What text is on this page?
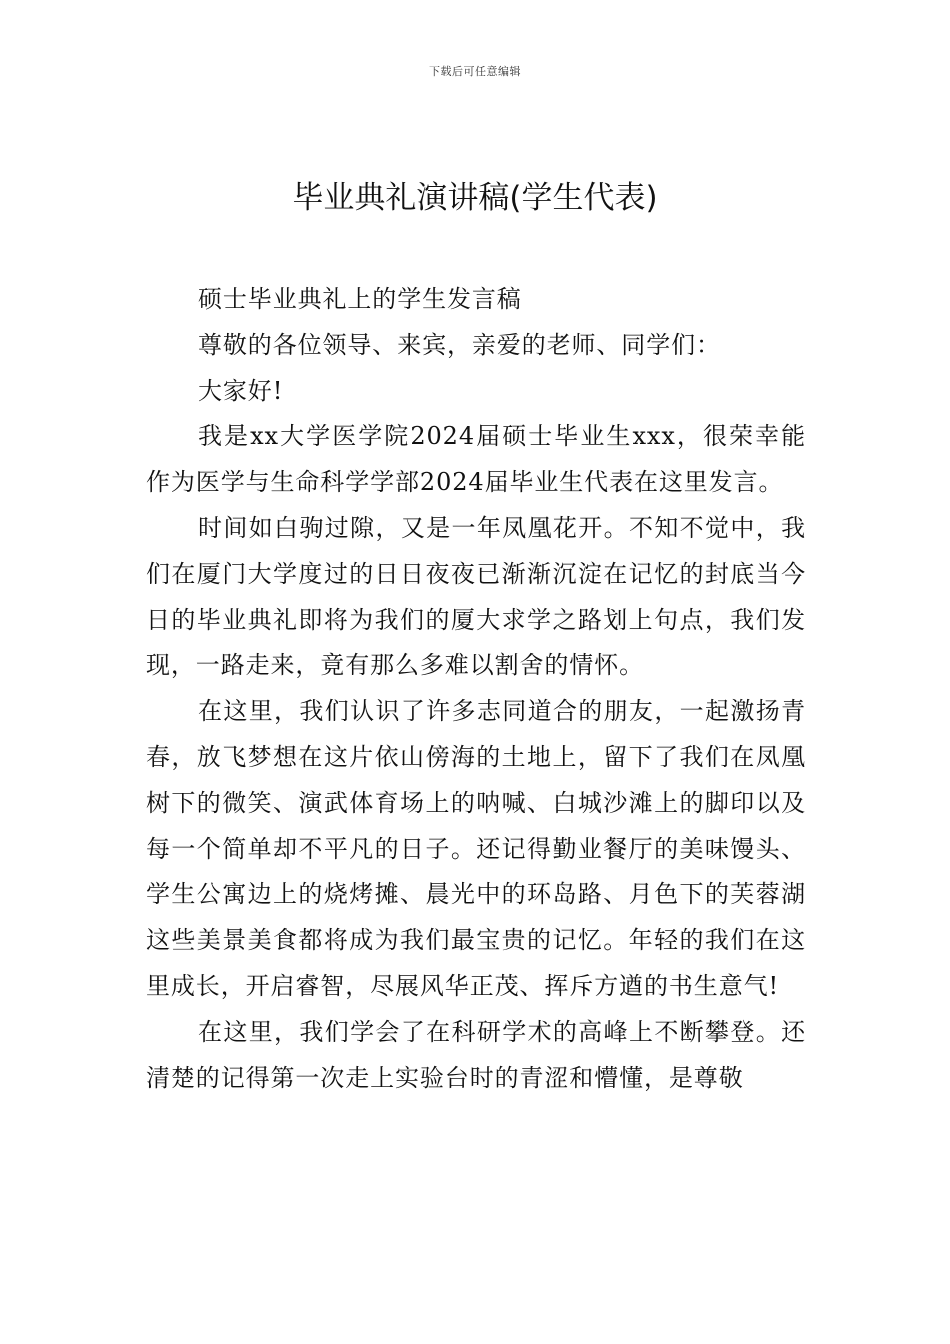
下载后可任意编辑
毕业典礼演讲稿(学生代表)

硕士毕业典礼上的学生发言稿

尊敬的各位领导、来宾，亲爱的老师、同学们：

大家好!

我是xx大学医学院2024届硕士毕业生xxx，很荣幸能作为医学与生命科学学部2024届毕业生代表在这里发言。

时间如白驹过隙，又是一年凤凰花开。不知不觉中，我们在厦门大学度过的日日夜夜已渐渐沉淀在记忆的封底当今日的毕业典礼即将为我们的厦大求学之路划上句点，我们发现，一路走来，竟有那么多难以割舍的情怀。

在这里，我们认识了许多志同道合的朋友，一起激扬青春，放飞梦想在这片依山傍海的土地上，留下了我们在凤凰树下的微笑、演武体育场上的呐喊、白城沙滩上的脚印以及每一个简单却不平凡的日子。还记得勤业餐厅的美味馒头、学生公寓边上的烧烤摊、晨光中的环岛路、月色下的芙蓉湖这些美景美食都将成为我们最宝贵的记忆。年轻的我们在这里成长，开启睿智，尽展风华正茂、挥斥方遒的书生意气!

在这里，我们学会了在科研学术的高峰上不断攀登。还清楚的记得第一次走上实验台时的青涩和懵懂，是尊敬
